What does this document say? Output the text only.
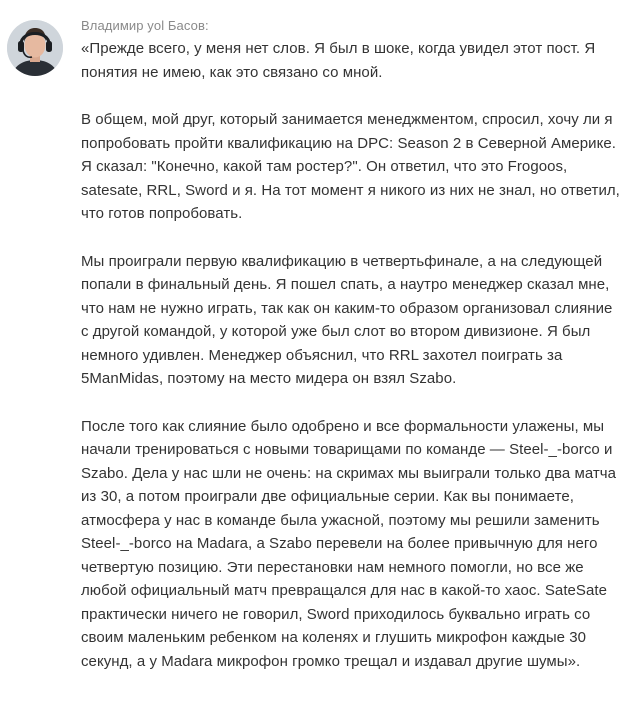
Владимир yol Басов:

«Прежде всего, у меня нет слов. Я был в шоке, когда увидел этот пост. Я понятия не имею, как это связано со мной.

В общем, мой друг, который занимается менеджментом, спросил, хочу ли я попробовать пройти квалификацию на DPC: Season 2 в Северной Америке. Я сказал: "Конечно, какой там ростер?". Он ответил, что это Frogoos, satesate, RRL, Sword и я. На тот момент я никого из них не знал, но ответил, что готов попробовать.

Мы проиграли первую квалификацию в четвертьфинале, а на следующей попали в финальный день. Я пошел спать, а наутро менеджер сказал мне, что нам не нужно играть, так как он каким-то образом организовал слияние с другой командой, у которой уже был слот во втором дивизионе. Я был немного удивлен. Менеджер объяснил, что RRL захотел поиграть за 5ManMidas, поэтому на место мидера он взял Szabo.

После того как слияние было одобрено и все формальности улажены, мы начали тренироваться с новыми товарищами по команде — Steel-_-borco и Szabo. Дела у нас шли не очень: на скримах мы выиграли только два матча из 30, а потом проиграли две официальные серии. Как вы понимаете, атмосфера у нас в команде была ужасной, поэтому мы решили заменить Steel-_-borco на Madara, а Szabo перевели на более привычную для него четвертую позицию. Эти перестановки нам немного помогли, но все же любой официальный матч превращался для нас в какой-то хаос. SateSate практически ничего не говорил, Sword приходилось буквально играть со своим маленьким ребенком на коленях и глушить микрофон каждые 30 секунд, а у Madara микрофон громко трещал и издавал другие шумы».
